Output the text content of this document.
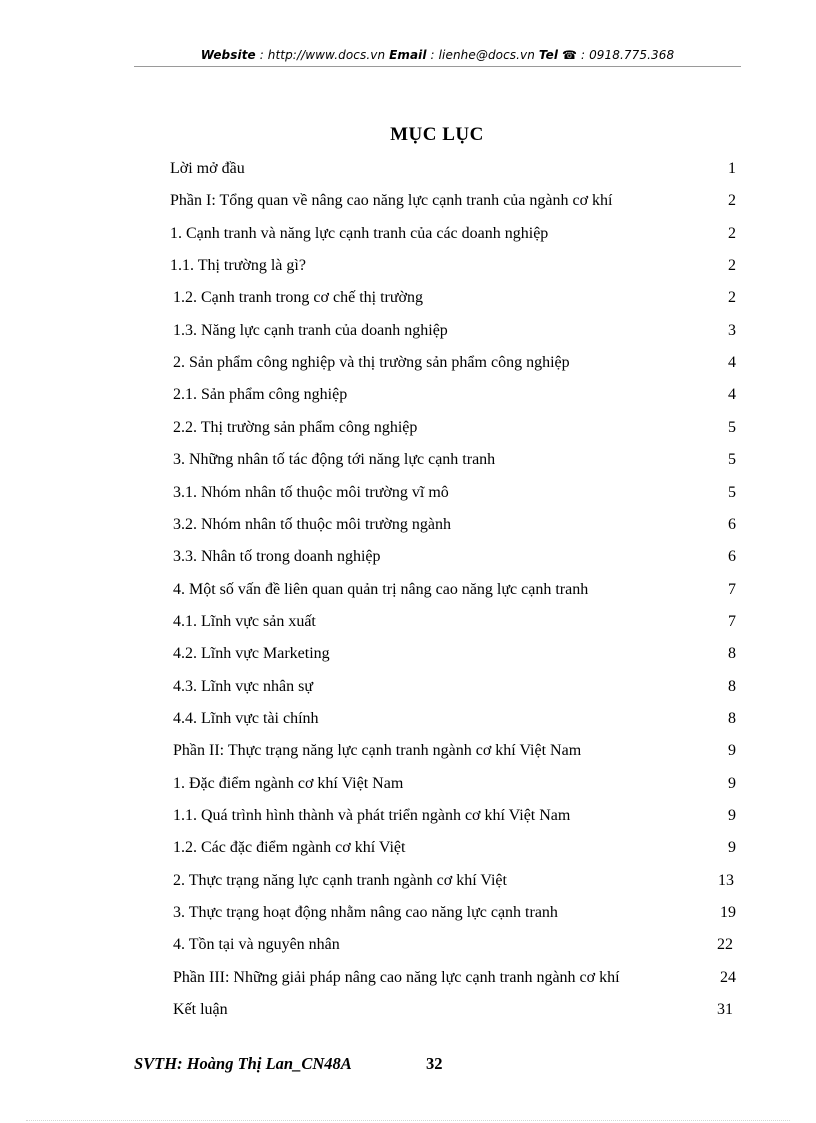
Website : http://www.docs.vn Email : lienhe@docs.vn Tel ☎ : 0918.775.368
MỤC LỤC
Lời mở đầu	1
Phần I: Tổng quan về nâng cao năng lực cạnh tranh của ngành cơ khí	2
1. Cạnh tranh và năng lực cạnh tranh của các doanh nghiệp	2
1.1. Thị trường là gì?	2
1.2. Cạnh tranh trong cơ chế thị trường	2
1.3. Năng lực cạnh tranh của doanh nghiệp	3
2. Sản phẩm công nghiệp và thị trường sản phẩm công nghiệp	4
2.1. Sản phẩm công nghiệp	4
2.2. Thị trường sản phẩm công nghiệp	5
3. Những nhân tố tác động tới năng lực cạnh tranh	5
3.1. Nhóm nhân tố thuộc môi trường vĩ mô	5
3.2. Nhóm nhân tố thuộc môi trường ngành	6
3.3. Nhân tố trong doanh nghiệp	6
4. Một số vấn đề liên quan quản trị nâng cao năng lực cạnh tranh	7
4.1. Lĩnh vực sản xuất	7
4.2. Lĩnh vực Marketing	8
4.3. Lĩnh vực nhân sự	8
4.4. Lĩnh vực tài chính	8
Phần II: Thực trạng năng lực cạnh tranh ngành cơ khí Việt Nam	9
1. Đặc điểm ngành cơ khí Việt Nam	9
1.1. Quá trình hình thành và phát triển ngành cơ khí Việt Nam	9
1.2. Các đặc điểm ngành cơ khí Việt	9
2. Thực trạng năng lực cạnh tranh ngành cơ khí Việt	13
3. Thực trạng hoạt động nhằm nâng cao năng lực cạnh tranh	19
4. Tồn tại và nguyên nhân	22
Phần III: Những giải pháp nâng cao năng lực cạnh tranh ngành cơ khí	24
Kết luận	31
SVTH: Hoàng Thị Lan_CN48A	32
